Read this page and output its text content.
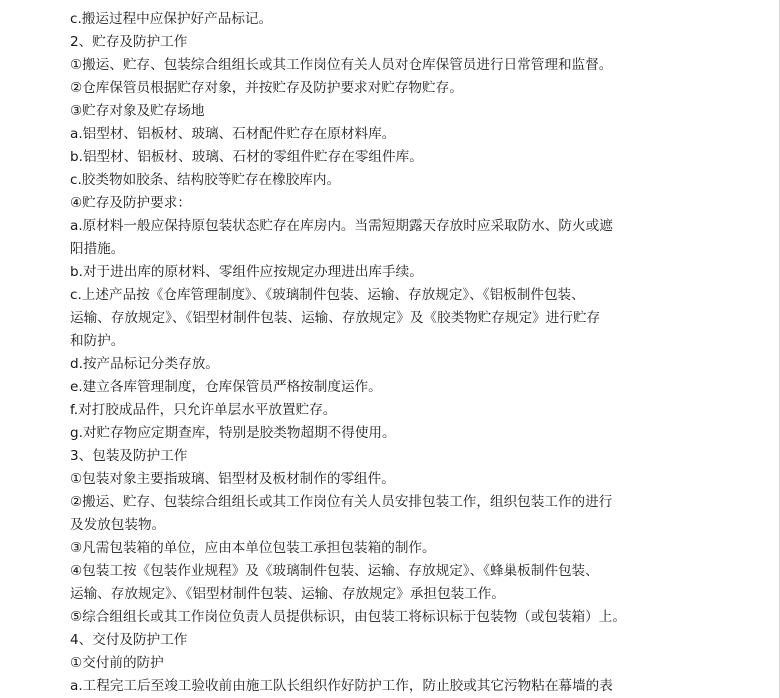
c.搬运过程中应保护好产品标记。
2、贮存及防护工作
①搬运、贮存、包装综合组组长或其工作岗位有关人员对仓库保管员进行日常管理和监督。
②仓库保管员根据贮存对象，并按贮存及防护要求对贮存物贮存。
③贮存对象及贮存场地
a.铝型材、铝板材、玻璃、石材配件贮存在原材料库。
b.铝型材、铝板材、玻璃、石材的零组件贮存在零组件库。
c.胶类物如胶条、结构胶等贮存在橡胶库内。
④贮存及防护要求：
a.原材料一般应保持原包装状态贮存在库房内。当需短期露天存放时应采取防水、防火或遮
阳措施。
b.对于进出库的原材料、零组件应按规定办理进出库手续。
c.上述产品按《仓库管理制度》、《玻璃制件包装、运输、存放规定》、《铝板制件包装、
运输、存放规定》、《铝型材制件包装、运输、存放规定》及《胶类物贮存规定》进行贮存
和防护。
d.按产品标记分类存放。
e.建立各库管理制度，仓库保管员严格按制度运作。
f.对打胶成品件，只允许单层水平放置贮存。
g.对贮存物应定期查库，特别是胶类物超期不得使用。
3、包装及防护工作
①包装对象主要指玻璃、铝型材及板材制作的零组件。
②搬运、贮存、包装综合组组长或其工作岗位有关人员安排包装工作，组织包装工作的进行
及发放包装物。
③凡需包装箱的单位，应由本单位包装工承担包装箱的制作。
④包装工按《包装作业规程》及《玻璃制件包装、运输、存放规定》、《蜂巢板制件包装、
运输、存放规定》、《铝型材制件包装、运输、存放规定》承担包装工作。
⑤综合组组长或其工作岗位负责人员提供标识，由包装工将标识标于包装物（或包装箱）上。
4、交付及防护工作
①交付前的防护
a.工程完工后至竣工验收前由施工队长组织作好防护工作，防止胶或其它污物粘在幕墙的表
